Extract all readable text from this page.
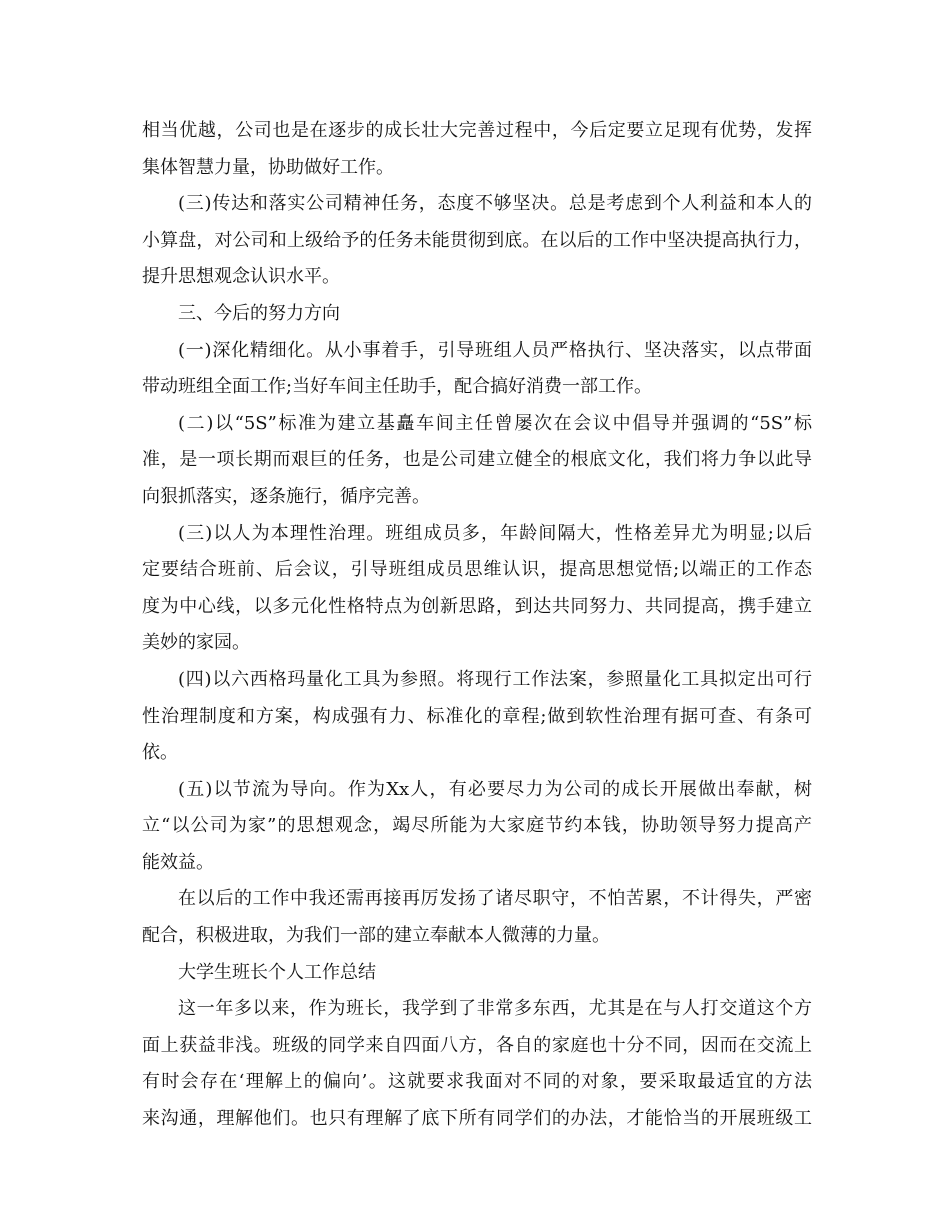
相当优越，公司也是在逐步的成长壮大完善过程中，今后定要立足现有优势，发挥
集体智慧力量，协助做好工作。
(三)传达和落实公司精神任务，态度不够坚决。总是考虑到个人利益和本人的
小算盘，对公司和上级给予的任务未能贯彻到底。在以后的工作中坚决提高执行力，
提升思想观念认识水平。
三、今后的努力方向
(一)深化精细化。从小事着手，引导班组人员严格执行、坚决落实，以点带面
带动班组全面工作;当好车间主任助手，配合搞好消费一部工作。
(二)以“5S”标准为建立基矗车间主任曾屡次在会议中倡导并强调的“5S”标
准，是一项长期而艰巨的任务，也是公司建立健全的根底文化，我们将力争以此导
向狠抓落实，逐条施行，循序完善。
(三)以人为本理性治理。班组成员多，年龄间隔大，性格差异尤为明显;以后
定要结合班前、后会议，引导班组成员思维认识，提高思想觉悟;以端正的工作态
度为中心线，以多元化性格特点为创新思路，到达共同努力、共同提高，携手建立
美妙的家园。
(四)以六西格玛量化工具为参照。将现行工作法案，参照量化工具拟定出可行
性治理制度和方案，构成强有力、标准化的章程;做到软性治理有据可查、有条可
依。
(五)以节流为导向。作为Xx人，有必要尽力为公司的成长开展做出奉献，树
立“以公司为家”的思想观念，竭尽所能为大家庭节约本钱，协助领导努力提高产
能效益。
在以后的工作中我还需再接再厉发扬了诸尽职守，不怕苦累，不计得失，严密
配合，积极进取，为我们一部的建立奉献本人微薄的力量。
大学生班长个人工作总结
这一年多以来，作为班长，我学到了非常多东西，尤其是在与人打交道这个方
面上获益非浅。班级的同学来自四面八方，各自的家庭也十分不同，因而在交流上
有时会存在‘理解上的偏向’。这就要求我面对不同的对象，要采取最适宜的方法
来沟通，理解他们。也只有理解了底下所有同学们的办法，才能恰当的开展班级工
